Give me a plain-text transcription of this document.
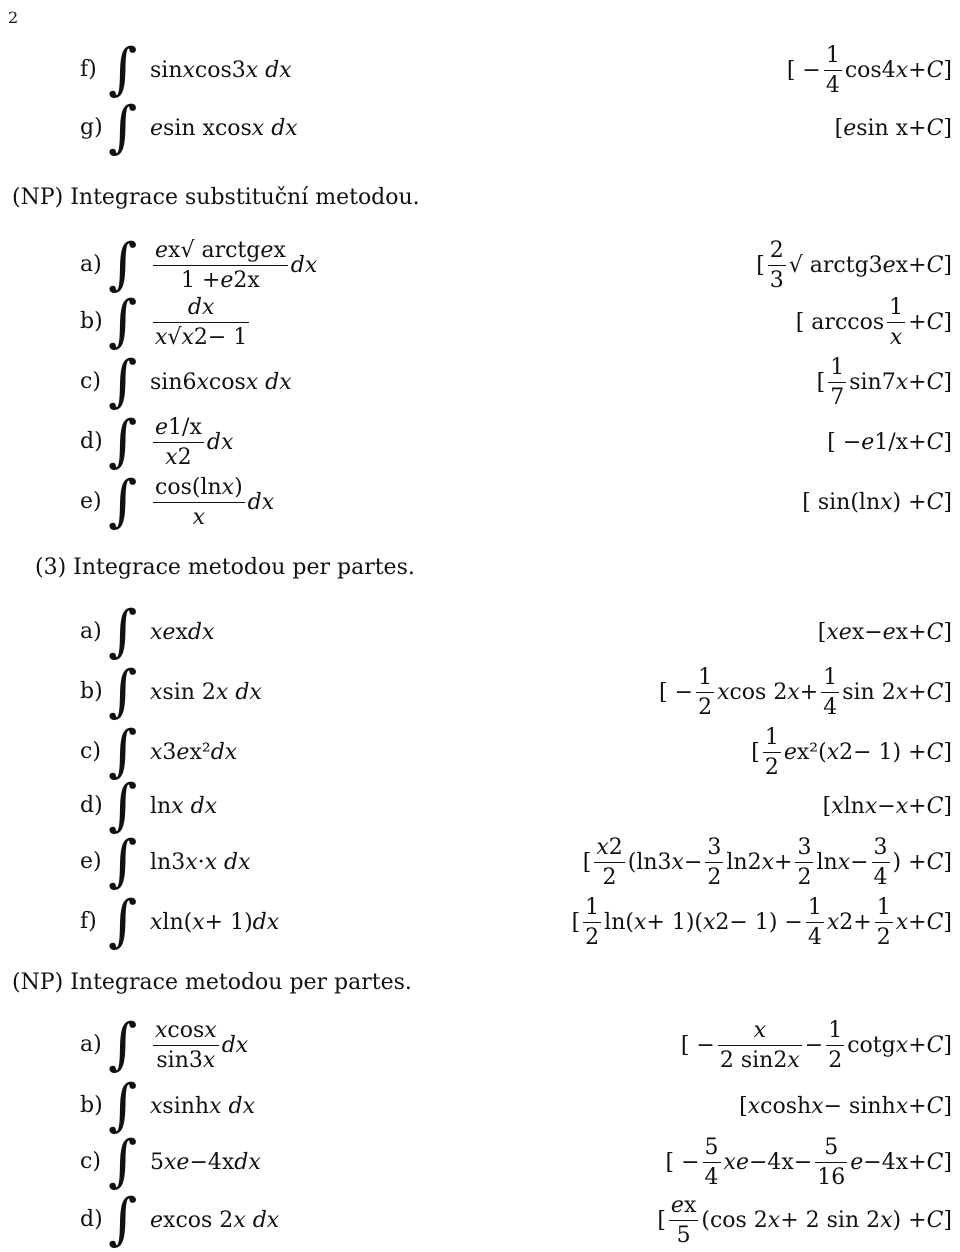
2
f) ∫ sin x cos 3 x dx	[ − $\frac{1}{4}$ cos 4 x + C ]
g) ∫ e sin x cos x dx	[ e sin x + C ]
(NP) Integrace substituční metodou.
a) ∫ $\frac{\text{e x √ arctg e x}}{1 + e 2x}$ dx	[ $\frac{2}{3}$ √ arctg 3 e x + C ]
b) ∫ $\frac{dx}{x √ x 2 - 1}$	[ $\arccos \frac{1}{x} + C$ ]
c) ∫ sin 6 x cos x dx	[ $\frac{1}{7}$ sin 7 x + C ]
d) ∫ $\frac{e 1/x}{x 2}$ dx	[ − e 1/x + C ]
e) ∫ $\frac{\text{cos(ln x )}}{x}$ dx	[ sin(ln x ) + C ]
(3) Integrace metodou per partes.
a) ∫ xe x dx	[ xe x − e x + C ]
b) ∫ x sin 2 x dx	[ − $\frac{1}{2}$ x cos 2 $x + \frac{1}{4}$ sin 2 x + C ]
c) ∫ x 3 e x² dx	[ $\frac{1}{2}$ e x² ( x 2 − 1) + C ]
d) ∫ ln x dx	[ x ln x − x + C ]
e) ∫ ln 3 x · x dx	[ $\frac{x 2}{2} (\ln$ 3 $x - \frac{3}{2}$ ln 2 $x + \frac{3}{2}$ $\ln x - \frac{3}{4}$ ) + C ]
f) ∫ x ln( x + 1) dx	[ $\frac{1}{2} \ln$( x + 1)( x $2 - 1) - \frac{1}{4}$ x $2 + \frac{1}{2}$ x + C ]
(NP) Integrace metodou per partes.
a) ∫ $\frac{\text{x cos x}}{\sin 3 x}$ dx	[ − $\frac{x}{2 \sin 2 x} - \frac{1}{2}$ cotg x + C ]
b) ∫ x sinh x dx	[ x cosh x − sinh x + C ]
c) ∫ 5 xe −4x dx	[ − $\frac{5}{4}$ xe $-4x - \frac{5}{16}$ e −4x + C ]
d) ∫ e x cos 2 x dx	[ $\frac{\text{e x}}{5} (\cos$ 2 x + 2 sin 2 x ) + C ]
